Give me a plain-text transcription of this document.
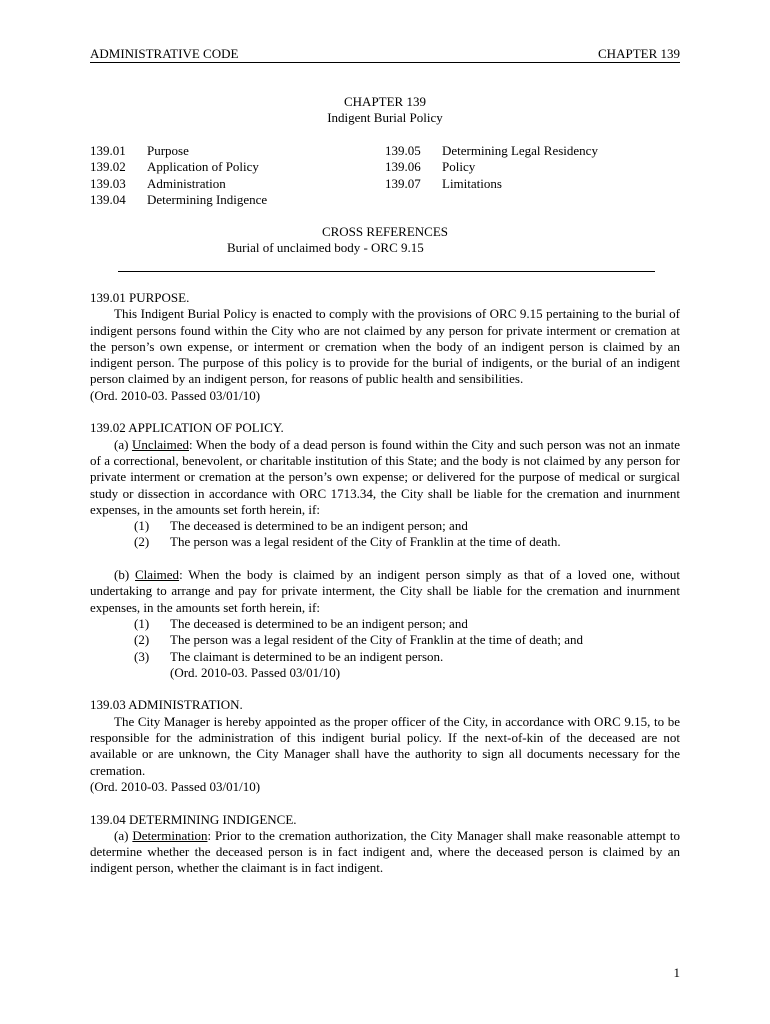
ADMINISTRATIVE CODE	CHAPTER 139
CHAPTER 139
Indigent Burial Policy
139.01 Purpose
139.02 Application of Policy
139.03 Administration
139.04 Determining Indigence
139.05 Determining Legal Residency
139.06 Policy
139.07 Limitations
CROSS REFERENCES
Burial of unclaimed body - ORC 9.15
139.01 PURPOSE.
This Indigent Burial Policy is enacted to comply with the provisions of ORC 9.15 pertaining to the burial of indigent persons found within the City who are not claimed by any person for private interment or cremation at the person’s own expense, or interment or cremation when the body of an indigent person is claimed by an indigent person. The purpose of this policy is to provide for the burial of indigents, or the burial of an indigent person claimed by an indigent person, for reasons of public health and sensibilities.
(Ord. 2010-03. Passed 03/01/10)
139.02 APPLICATION OF POLICY.
(a) Unclaimed: When the body of a dead person is found within the City and such person was not an inmate of a correctional, benevolent, or charitable institution of this State; and the body is not claimed by any person for private interment or cremation at the person’s own expense; or delivered for the purpose of medical or surgical study or dissection in accordance with ORC 1713.34, the City shall be liable for the cremation and inurnment expenses, in the amounts set forth herein, if:
(1) The deceased is determined to be an indigent person; and
(2) The person was a legal resident of the City of Franklin at the time of death.
(b) Claimed: When the body is claimed by an indigent person simply as that of a loved one, without undertaking to arrange and pay for private interment, the City shall be liable for the cremation and inurnment expenses, in the amounts set forth herein, if:
(1) The deceased is determined to be an indigent person; and
(2) The person was a legal resident of the City of Franklin at the time of death; and
(3) The claimant is determined to be an indigent person.
(Ord. 2010-03. Passed 03/01/10)
139.03 ADMINISTRATION.
The City Manager is hereby appointed as the proper officer of the City, in accordance with ORC 9.15, to be responsible for the administration of this indigent burial policy. If the next-of-kin of the deceased are not available or are unknown, the City Manager shall have the authority to sign all documents necessary for the cremation.
(Ord. 2010-03. Passed 03/01/10)
139.04 DETERMINING INDIGENCE.
(a) Determination: Prior to the cremation authorization, the City Manager shall make reasonable attempt to determine whether the deceased person is in fact indigent and, where the deceased person is claimed by an indigent person, whether the claimant is in fact indigent.
1
